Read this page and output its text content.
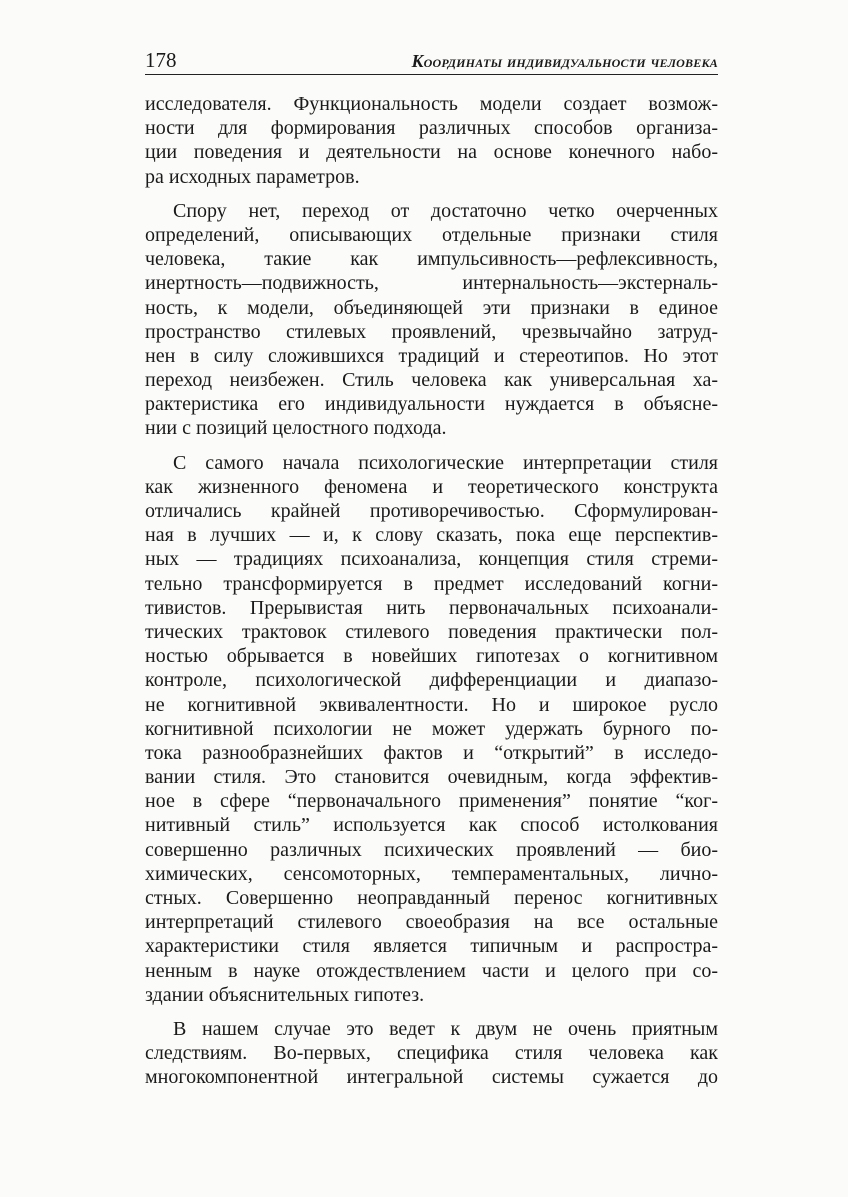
178	Координаты индивидуальности человека
исследователя. Функциональность модели создает возмож-
ности для формирования различных способов организа-
ции поведения и деятельности на основе конечного набо-
ра исходных параметров.
Спору нет, переход от достаточно четко очерченных
определений, описывающих отдельные признаки стиля
человека, такие как импульсивность—рефлексивность,
инертность—подвижность, интернальность—экстерналь-
ность, к модели, объединяющей эти признаки в единое
пространство стилевых проявлений, чрезвычайно затруд-
нен в силу сложившихся традиций и стереотипов. Но этот
переход неизбежен. Стиль человека как универсальная ха-
рактеристика его индивидуальности нуждается в объясне-
нии с позиций целостного подхода.
С самого начала психологические интерпретации стиля
как жизненного феномена и теоретического конструкта
отличались крайней противоречивостью. Сформулирован-
ная в лучших — и, к слову сказать, пока еще перспектив-
ных — традициях психоанализа, концепция стиля стреми-
тельно трансформируется в предмет исследований когни-
тивистов. Прерывистая нить первоначальных психоанали-
тических трактовок стилевого поведения практически пол-
ностью обрывается в новейших гипотезах о когнитивном
контроле, психологической дифференциации и диапазо-
не когнитивной эквивалентности. Но и широкое русло
когнитивной психологии не может удержать бурного по-
тока разнообразнейших фактов и “открытий” в исследо-
вании стиля. Это становится очевидным, когда эффектив-
ное в сфере “первоначального применения” понятие “ког-
нитивный стиль” используется как способ истолкования
совершенно различных психических проявлений — био-
химических, сенсомоторных, темпераментальных, лично-
стных. Совершенно неоправданный перенос когнитивных
интерпретаций стилевого своеобразия на все остальные
характеристики стиля является типичным и распростра-
ненным в науке отождествлением части и целого при со-
здании объяснительных гипотез.
В нашем случае это ведет к двум не очень приятным
следствиям. Во-первых, специфика стиля человека как
многокомпонентной интегральной системы сужается до
